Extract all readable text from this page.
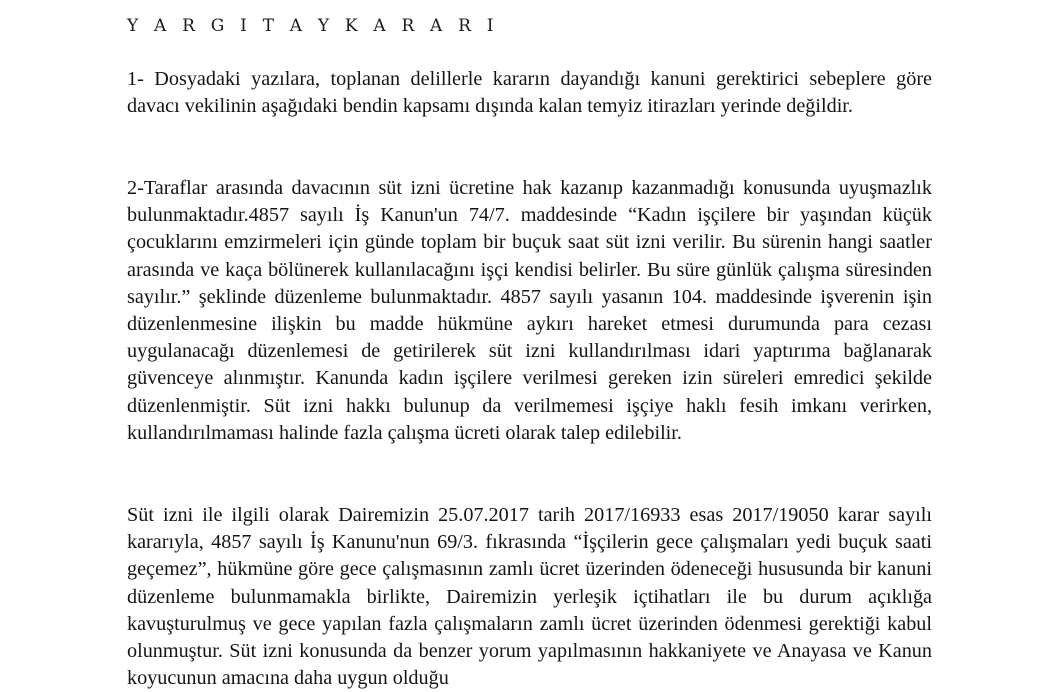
Y A R G I T A Y K A R A R I

1- Dosyadaki yazılara, toplanan delillerle kararın dayandığı kanuni gerektirici sebeplere göre davacı vekilinin aşağıdaki bendin kapsamı dışında kalan temyiz itirazları yerinde değildir.

2-Taraflar arasında davacının süt izni ücretine hak kazanıp kazanmadığı konusunda uyuşmazlık bulunmaktadır.4857 sayılı İş Kanun'un 74/7. maddesinde “Kadın işçilere bir yaşından küçük çocuklarını emzirmeleri için günde toplam bir buçuk saat süt izni verilir. Bu sürenin hangi saatler arasında ve kaça bölünerek kullanılacağını işçi kendisi belirler. Bu süre günlük çalışma süresinden sayılır.” şeklinde düzenleme bulunmaktadır. 4857 sayılı yasanın 104. maddesinde işverenin işin düzenlenmesine ilişkin bu madde hükmüne aykırı hareket etmesi durumunda para cezası uygulanacağı düzenlemesi de getirilerek süt izni kullandırılması idari yaptırıma bağlanarak güvenceye alınmıştır. Kanunda kadın işçilere verilmesi gereken izin süreleri emredici şekilde düzenlenmiştir. Süt izni hakkı bulunup da verilmemesi işçiye haklı fesih imkanı verirken, kullandırılmaması halinde fazla çalışma ücreti olarak talep edilebilir.

Süt izni ile ilgili olarak Dairemizin 25.07.2017 tarih 2017/16933 esas 2017/19050 karar sayılı kararıyla, 4857 sayılı İş Kanunu'nun 69/3. fıkrasında “İşçilerin gece çalışmaları yedi buçuk saati geçemez”, hükmüne göre gece çalışmasının zamlı ücret üzerinden ödeneceği hususunda bir kanuni düzenleme bulunmamakla birlikte, Dairemizin yerleşik içtihatları ile bu durum açıklığa kavuşturulmuş ve gece yapılan fazla çalışmaların zamlı ücret üzerinden ödenmesi gerektiği kabul olunmuştur. Süt izni konusunda da benzer yorum yapılmasının hakkaniyete ve Anayasa ve Kanun koyucunun amacına daha uygun olduğu
